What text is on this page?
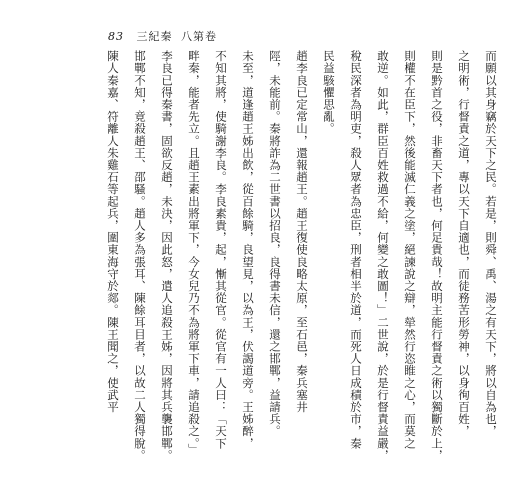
83 三紀秦 八第卷
而願以其身竊於天下之民。若是，則舜、禹、湯之有天下，將以自為也，
之明術，行督責之道，專以天下自適也，而徒務苦形勞神，以身徇百姓，
則是黔首之役，非畜天下者也，何足貴哉！故明主能行督責之術以獨斷於上，
則權不在臣下，然後能滅仁義之塗，絕諫說之辯，犖然行恣睢之心，而莫之
敢逆。如此，群臣百姓救過不給，何變之敢圖！」二世說，於是行督責益嚴，
稅民深者為明吏，殺人眾者為忠臣，刑者相半於道，而死人日成積於市，秦
民益駭懼思亂。
趙李良已定常山，還報趙王。趙王復使良略太原，至石邑，秦兵塞井
陘，未能前。秦將詐為二世書以招良，良得書未信，還之邯鄲，益請兵。
未至，道逢趙王姊出飲，從百餘騎，良望見，以為王，伏謁道旁。王姊醉，
不知其將，使騎謝李良。李良素貴，起，慚其從官。從官有一人曰：「天下
畔秦，能者先立。且趙王素出將軍下，今女兒乃不為將軍下車，請追殺之。」
李良已得秦書，固欲反趙，未決，因此怒，遣人追殺王姊，因將其兵襲邯鄲。
邯鄲不知，竟殺趙王、邵騷。趙人多為張耳、陳餘耳目者，以故二人獨得脫。
陳人秦嘉、符離人朱雞石等起兵，圍東海守於郯。陳王聞之，使武平
